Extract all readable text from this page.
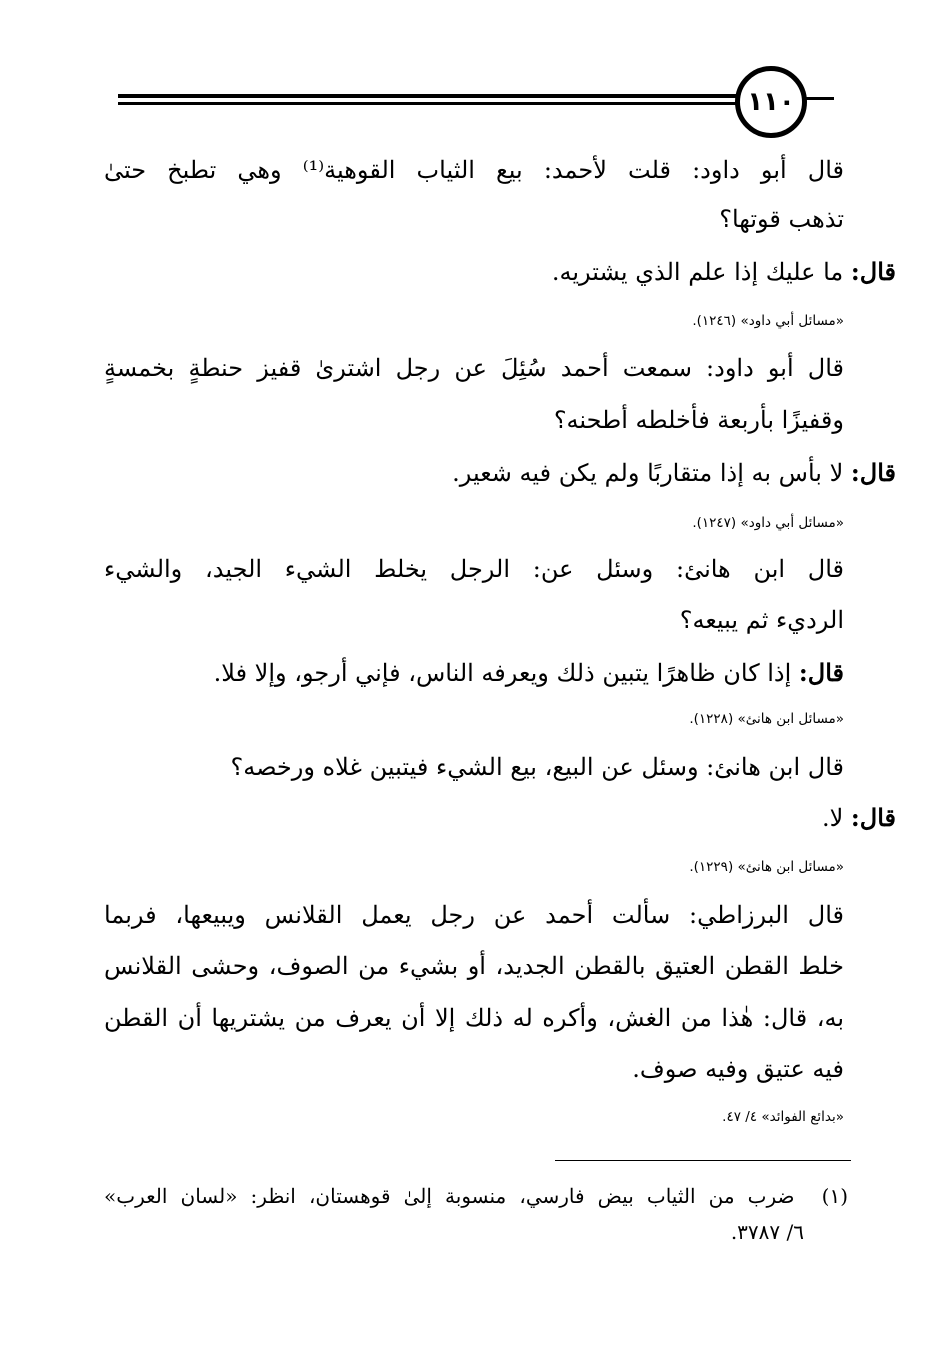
١١٠
قال أبو داود: قلت لأحمد: بيع الثياب القوهية⁽¹⁾ وهي تطبخ حتىٰ
تذهب قوتها؟
قال: ما عليك إذا علم الذي يشتريه.
«مسائل أبي داود» (١٢٤٦).
قال أبو داود: سمعت أحمد سُئِلَ عن رجل اشترىٰ قفيز حنطةٍ بخمسةٍ
وقفيزًا بأربعة فأخلطه أطحنه؟
قال: لا بأس به إذا متقاربًا ولم يكن فيه شعير.
«مسائل أبي داود» (١٢٤٧).
قال ابن هانئ: وسئل عن: الرجل يخلط الشيء الجيد، والشيء
الرديء ثم يبيعه؟
قال: إذا كان ظاهرًا يتبين ذلك ويعرفه الناس، فإني أرجو، وإلا فلا.
«مسائل ابن هانئ» (١٢٢٨).
قال ابن هانئ: وسئل عن البيع، بيع الشيء فيتبين غلاه ورخصه؟
قال: لا.
«مسائل ابن هانئ» (١٢٢٩).
قال البرزاطي: سألت أحمد عن رجل يعمل القلانس ويبيعها، فربما
خلط القطن العتيق بالقطن الجديد، أو بشيء من الصوف، وحشى القلانس
به، قال: هٰذا من الغش، وأكره له ذلك إلا أن يعرف من يشتريها أن القطن
فيه عتيق وفيه صوف.
«بدائع الفوائد» ٤/ ٤٧.
(١) ضرب من الثياب بيض فارسي، منسوبة إلىٰ قوهستان، انظر: «لسان العرب»
٦/ ٣٧٨٧.
